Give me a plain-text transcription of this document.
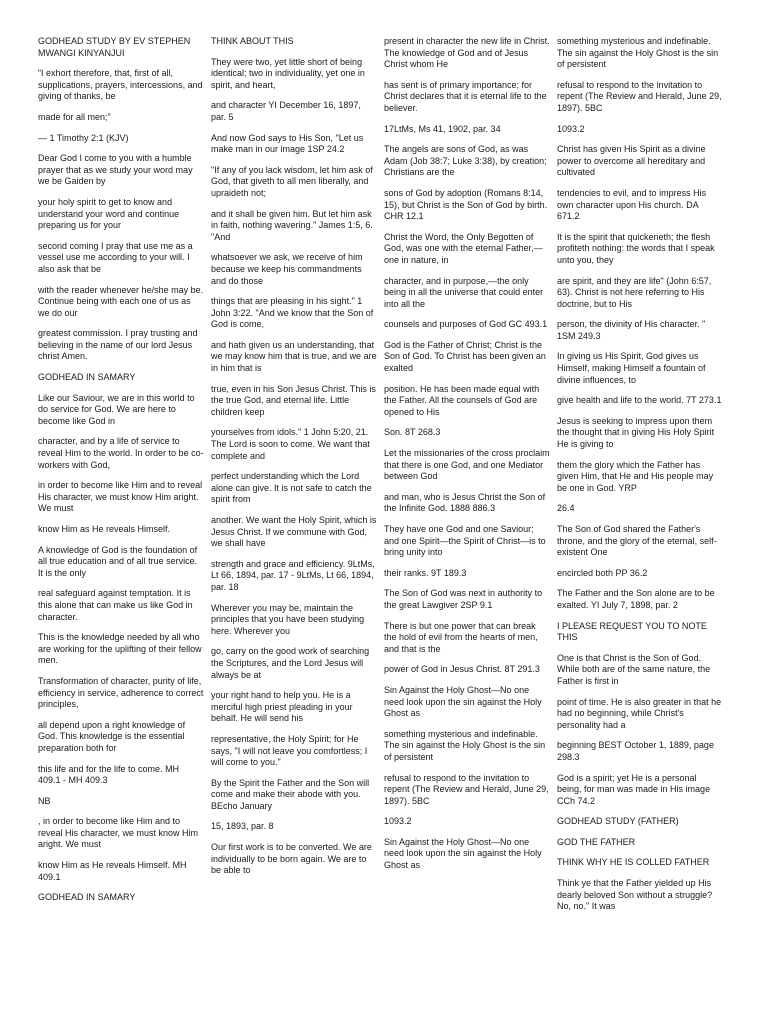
GODHEAD STUDY BY EV STEPHEN MWANGI KINYANJUI

“I exhort therefore, that, first of all, supplications, prayers, intercessions, and giving of thanks, be

made for all men;”

— 1 Timothy 2:1 (KJV)

Dear God I come to you with a humble prayer that as we study your word may we be Gaiden by

your holy spirit to get to know and understand your word and continue preparing us for your

second coming I pray that use me as a vessel use me according to your will. I also ask that be

with the reader whenever he/she may be. Continue being with each one of us as we do our

greatest commission. I pray trusting and believing in the name of our lord Jesus christ Amen.

GODHEAD IN SAMARY

Like our Saviour, we are in this world to do service for God. We are here to become like God in

character, and by a life of service to reveal Him to the world. In order to be co-workers with God,

in order to become like Him and to reveal His character, we must know Him aright. We must

know Him as He reveals Himself.

A knowledge of God is the foundation of all true education and of all true service. It is the only

real safeguard against temptation. It is this alone that can make us like God in character.

This is the knowledge needed by all who are working for the uplifting of their fellow men.

Transformation of character, purity of life, efficiency in service, adherence to correct principles,

all depend upon a right knowledge of God. This knowledge is the essential preparation both for

this life and for the life to come. MH 409.1 - MH 409.3

NB

, in order to become like Him and to reveal His character, we must know Him aright. We must

know Him as He reveals Himself. MH 409.1

GODHEAD IN SAMARY

THINK ABOUT THIS

They were two, yet little short of being identical; two in individuality, yet one in spirit, and heart,

and character YI December 16, 1897, par. 5

And now God says to His Son, "Let us make man in our image 1SP 24.2

"If any of you lack wisdom, let him ask of God, that giveth to all men liberally, and upraideth not;

and it shall be given him. But let him ask in faith, nothing wavering." James 1:5, 6. "And

whatsoever we ask, we receive of him because we keep his commandments and do those

things that are pleasing in his sight." 1 John 3:22. "And we know that the Son of God is come,

and hath given us an understanding, that we may know him that is true, and we are in him that is

true, even in his Son Jesus Christ. This is the true God, and eternal life. Little children keep

yourselves from idols." 1 John 5:20, 21. The Lord is soon to come. We want that complete and

perfect understanding which the Lord alone can give. It is not safe to catch the spirit from

another. We want the Holy Spirit, which is Jesus Christ. If we commune with God, we shall have

strength and grace and efficiency. 9LtMs, Lt 66, 1894, par. 17 - 9LtMs, Lt 66, 1894, par. 18

Wherever you may be, maintain the principles that you have been studying here. Wherever you

go, carry on the good work of searching the Scriptures, and the Lord Jesus will always be at

your right hand to help you. He is a merciful high priest pleading in your behalf. He will send his

representative, the Holy Spirit; for He says, "I will not leave you comfortless; I will come to you."

By the Spirit the Father and the Son will come and make their abode with you. BEcho January

15, 1893, par. 8

Our first work is to be converted. We are individually to be born again. We are to be able to

present in character the new life in Christ. The knowledge of God and of Jesus Christ whom He

has sent is of primary importance; for Christ declares that it is eternal life to the believer.

17LtMs, Ms 41, 1902, par. 34

The angels are sons of God, as was Adam (Job 38:7; Luke 3:38), by creation; Christians are the

sons of God by adoption (Romans 8:14, 15), but Christ is the Son of God by birth. CHR 12.1

Christ the Word, the Only Begotten of God, was one with the eternal Father,—one in nature, in

character, and in purpose,—the only being in all the universe that could enter into all the

counsels and purposes of God GC 493.1

God is the Father of Christ; Christ is the Son of God. To Christ has been given an exalted

position. He has been made equal with the Father. All the counsels of God are opened to His

Son. 8T 268.3

Let the missionaries of the cross proclaim that there is one God, and one Mediator between God

and man, who is Jesus Christ the Son of the Infinite God. 1888 886.3

They have one God and one Saviour; and one Spirit—the Spirit of Christ—is to bring unity into

their ranks. 9T 189.3

The Son of God was next in authority to the great Lawgiver 2SP 9.1

There is but one power that can break the hold of evil from the hearts of men, and that is the

power of God in Jesus Christ. 8T 291.3

Sin Against the Holy Ghost—No one need look upon the sin against the Holy Ghost as

something mysterious and indefinable. The sin against the Holy Ghost is the sin of persistent

refusal to respond to the invitation to repent (The Review and Herald, June 29, 1897). 5BC

1093.2

Sin Against the Holy Ghost—No one need look upon the sin against the Holy Ghost as

something mysterious and indefinable. The sin against the Holy Ghost is the sin of persistent

refusal to respond to the invitation to repent (The Review and Herald, June 29, 1897). 5BC

1093.2

Christ has given His Spirit as a divine power to overcome all hereditary and cultivated

tendencies to evil, and to impress His own character upon His church. DA 671.2

It is the spirit that quickeneth; the flesh profiteth nothing: the words that I speak unto you, they

are spirit, and they are life" (John 6:57, 63). Christ is not here referring to His doctrine, but to His

person, the divinity of His character. " 1SM 249.3

In giving us His Spirit, God gives us Himself, making Himself a fountain of divine influences, to

give health and life to the world. 7T 273.1

Jesus is seeking to impress upon them the thought that in giving His Holy Spirit He is giving to

them the glory which the Father has given Him, that He and His people may be one in God. YRP

26.4

The Son of God shared the Father's throne, and the glory of the eternal, self-existent One

encircled both PP 36.2

The Father and the Son alone are to be exalted. YI July 7, 1898, par. 2

I PLEASE REQUEST YOU TO NOTE THIS

One is that Christ is the Son of God. While both are of the same nature, the Father is first in

point of time. He is also greater in that he had no beginning, while Christ's personality had a

beginning BEST October 1, 1889, page 298.3

God is a spirit; yet He is a personal being, for man was made in His image CCh 74.2

GODHEAD STUDY (FATHER)

GOD THE FATHER

THINK WHY HE IS COLLED FATHER

Think ye that the Father yielded up His dearly beloved Son without a struggle? No, no." It was
